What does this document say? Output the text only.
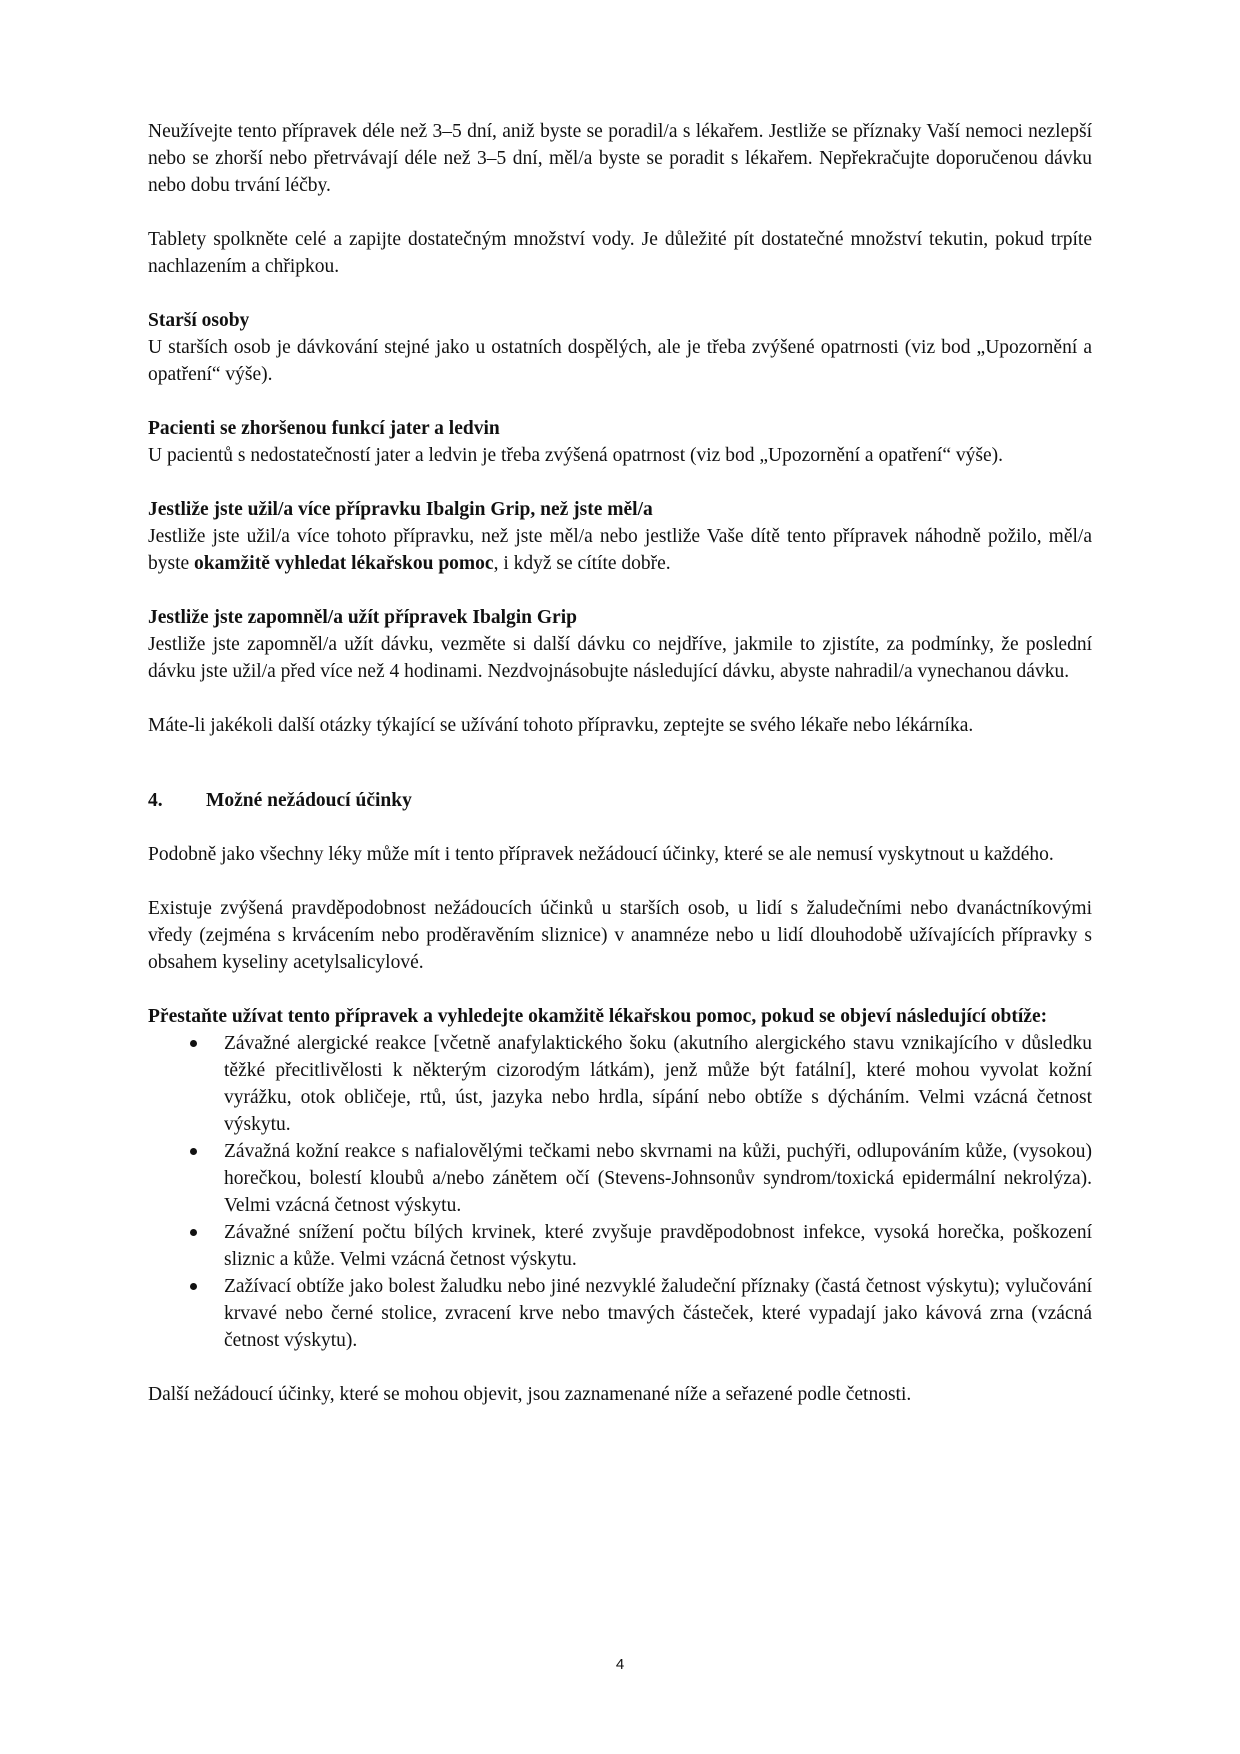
Neužívejte tento přípravek déle než 3–5 dní, aniž byste se poradil/a s lékařem. Jestliže se příznaky Vaší nemoci nezlepší nebo se zhorší nebo přetrvávají déle než 3–5 dní, měl/a byste se poradit s lékařem. Nepřekračujte doporučenou dávku nebo dobu trvání léčby.

Tablety spolkněte celé a zapijte dostatečným množství vody. Je důležité pít dostatečné množství tekutin, pokud trpíte nachlazením a chřipkou.

Starší osoby

U starších osob je dávkování stejné jako u ostatních dospělých, ale je třeba zvýšené opatrnosti (viz bod „Upozornění a opatření“ výše).

Pacienti se zhoršenou funkcí jater a ledvin

U pacientů s nedostatečností jater a ledvin je třeba zvýšená opatrnost (viz bod „Upozornění a opatření“ výše).

Jestliže jste užil/a více přípravku Ibalgin Grip, než jste měl/a

Jestliže jste užil/a více tohoto přípravku, než jste měl/a nebo jestliže Vaše dítě tento přípravek náhodně požilo, měl/a byste okamžitě vyhledat lékařskou pomoc, i když se cítíte dobře.

Jestliže jste zapomněl/a užít přípravek Ibalgin Grip

Jestliže jste zapomněl/a užít dávku, vezměte si další dávku co nejdříve, jakmile to zjistíte, za podmínky, že poslední dávku jste užil/a před více než 4 hodinami. Nezdvojnásobujte následující dávku, abyste nahradil/a vynechanou dávku.

Máte-li jakékoli další otázky týkající se užívání tohoto přípravku, zeptejte se svého lékaře nebo lékárníka.

4.	Možné nežádoucí účinky

Podobně jako všechny léky může mít i tento přípravek nežádoucí účinky, které se ale nemusí vyskytnout u každého.

Existuje zvýšená pravděpodobnost nežádoucích účinků u starších osob, u lidí s žaludečními nebo dvanáctníkovými vředy (zejména s krvácením nebo proděravěním sliznice) v anamnéze nebo u lidí dlouhodobě užívajících přípravky s obsahem kyseliny acetylsalicylové.

Přestaňte užívat tento přípravek a vyhledejte okamžitě lékařskou pomoc, pokud se objeví následující obtíže:

Závažné alergické reakce [včetně anafylaktického šoku (akutního alergického stavu vznikajícího v důsledku těžké přecitlivělosti k některým cizorodým látkám), jenž může být fatální], které mohou vyvolat kožní vyrážku, otok obličeje, rtů, úst, jazyka nebo hrdla, sípání nebo obtíže s dýcháním. Velmi vzácná četnost výskytu.
Závažná kožní reakce s nafialovělými tečkami nebo skvrnami na kůži, puchýři, odlupováním kůže, (vysokou) horečkou, bolestí kloubů a/nebo zánětem očí (Stevens-Johnsonův syndrom/toxická epidermální nekrolýza). Velmi vzácná četnost výskytu.
Závažné snížení počtu bílých krvinek, které zvyšuje pravděpodobnost infekce, vysoká horečka, poškození sliznic a kůže. Velmi vzácná četnost výskytu.
Zažívací obtíže jako bolest žaludku nebo jiné nezvyklé žaludeční příznaky (častá četnost výskytu); vylučování krvavé nebo černé stolice, zvracení krve nebo tmavých částeček, které vypadají jako kávová zrna (vzácná četnost výskytu).

Další nežádoucí účinky, které se mohou objevit, jsou zaznamenané níže a seřazené podle četnosti.

4
